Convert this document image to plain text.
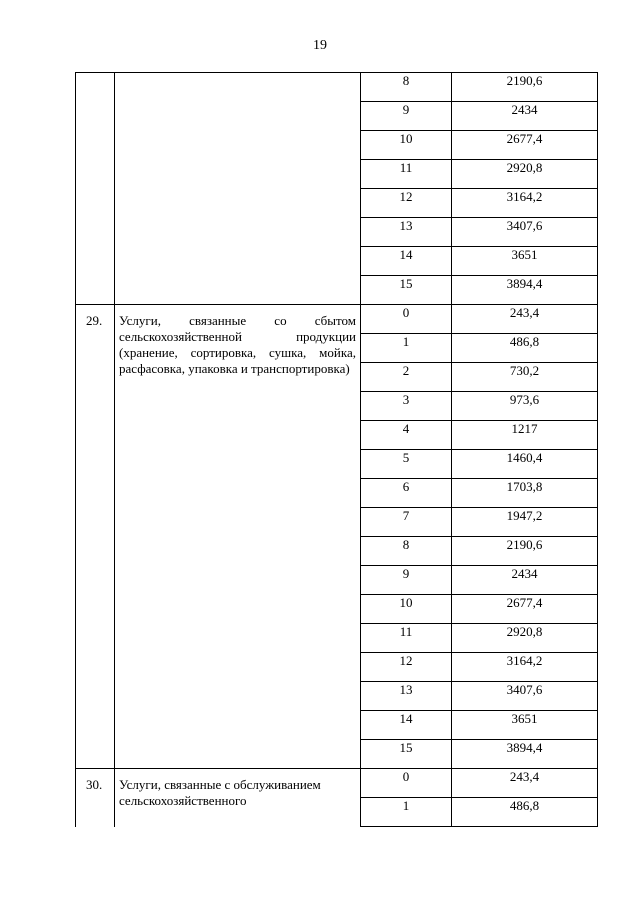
19
		8	2190,6
		9	2434
		10	2677,4
		11	2920,8
		12	3164,2
		13	3407,6
		14	3651
		15	3894,4

29.	Услуги, связанные со сбытом сельскохозяйственной продукции (хранение, сортировка, сушка, мойка, расфасовка, упаковка и транспортировка)	0	243,4
		1	486,8
		2	730,2
		3	973,6
		4	1217
		5	1460,4
		6	1703,8
		7	1947,2
		8	2190,6
		9	2434
		10	2677,4
		11	2920,8
		12	3164,2
		13	3407,6
		14	3651
		15	3894,4

30.	Услуги, связанные с обслуживанием сельскохозяйственного	0	243,4
		1	486,8
